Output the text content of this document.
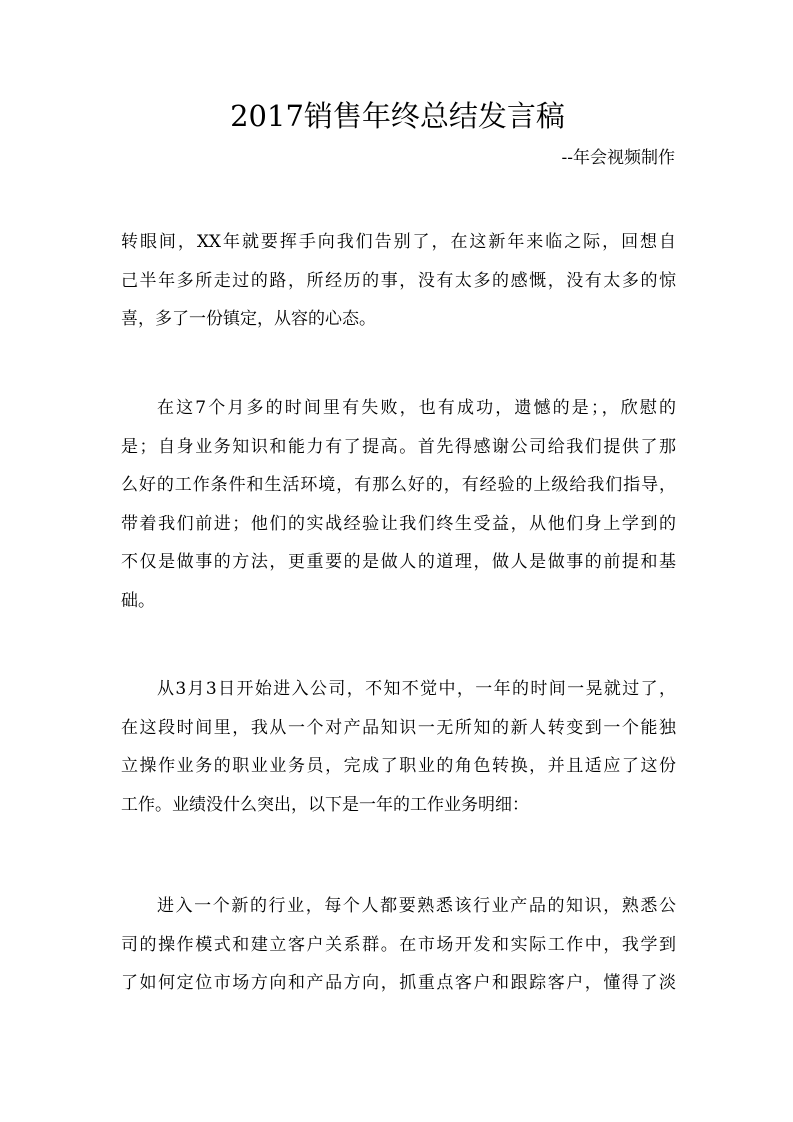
2017销售年终总结发言稿
--年会视频制作
转眼间，XX年就要挥手向我们告别了，在这新年来临之际，回想自
己半年多所走过的路，所经历的事，没有太多的感慨，没有太多的惊
喜，多了一份镇定，从容的心态。
在这7个月多的时间里有失败，也有成功，遗憾的是；，欣慰的
是；自身业务知识和能力有了提高。首先得感谢公司给我们提供了那
么好的工作条件和生活环境，有那么好的，有经验的上级给我们指导，
带着我们前进；他们的实战经验让我们终生受益，从他们身上学到的
不仅是做事的方法，更重要的是做人的道理，做人是做事的前提和基
础。
从3月3日开始进入公司，不知不觉中，一年的时间一晃就过了，
在这段时间里，我从一个对产品知识一无所知的新人转变到一个能独
立操作业务的职业业务员，完成了职业的角色转换，并且适应了这份
工作。业绩没什么突出，以下是一年的工作业务明细：
进入一个新的行业，每个人都要熟悉该行业产品的知识，熟悉公
司的操作模式和建立客户关系群。在市场开发和实际工作中，我学到
了如何定位市场方向和产品方向，抓重点客户和跟踪客户，懂得了淡
